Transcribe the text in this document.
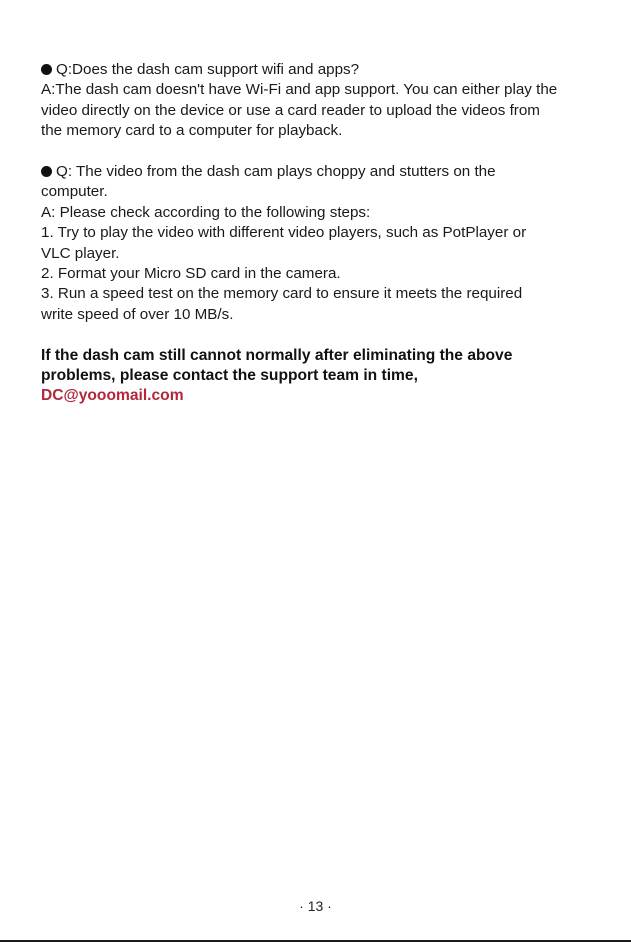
Q:Does the dash cam support wifi and apps?
A:The dash cam doesn't have Wi-Fi and app support. You can either play the
video directly on the device or use a card reader to upload the videos from
the memory card to a computer for playback.
Q: The video from the dash cam plays choppy and stutters on the
computer.
A: Please check according to the following steps:
1. Try to play the video with different video players, such as PotPlayer or
VLC player.
2. Format your Micro SD card in the camera.
3. Run a speed test on the memory card to ensure it meets the required
write speed of over 10 MB/s.
If the dash cam still cannot normally after eliminating the above
problems, please contact the support team in time,
DC@yooomail.com
· 13 ·
